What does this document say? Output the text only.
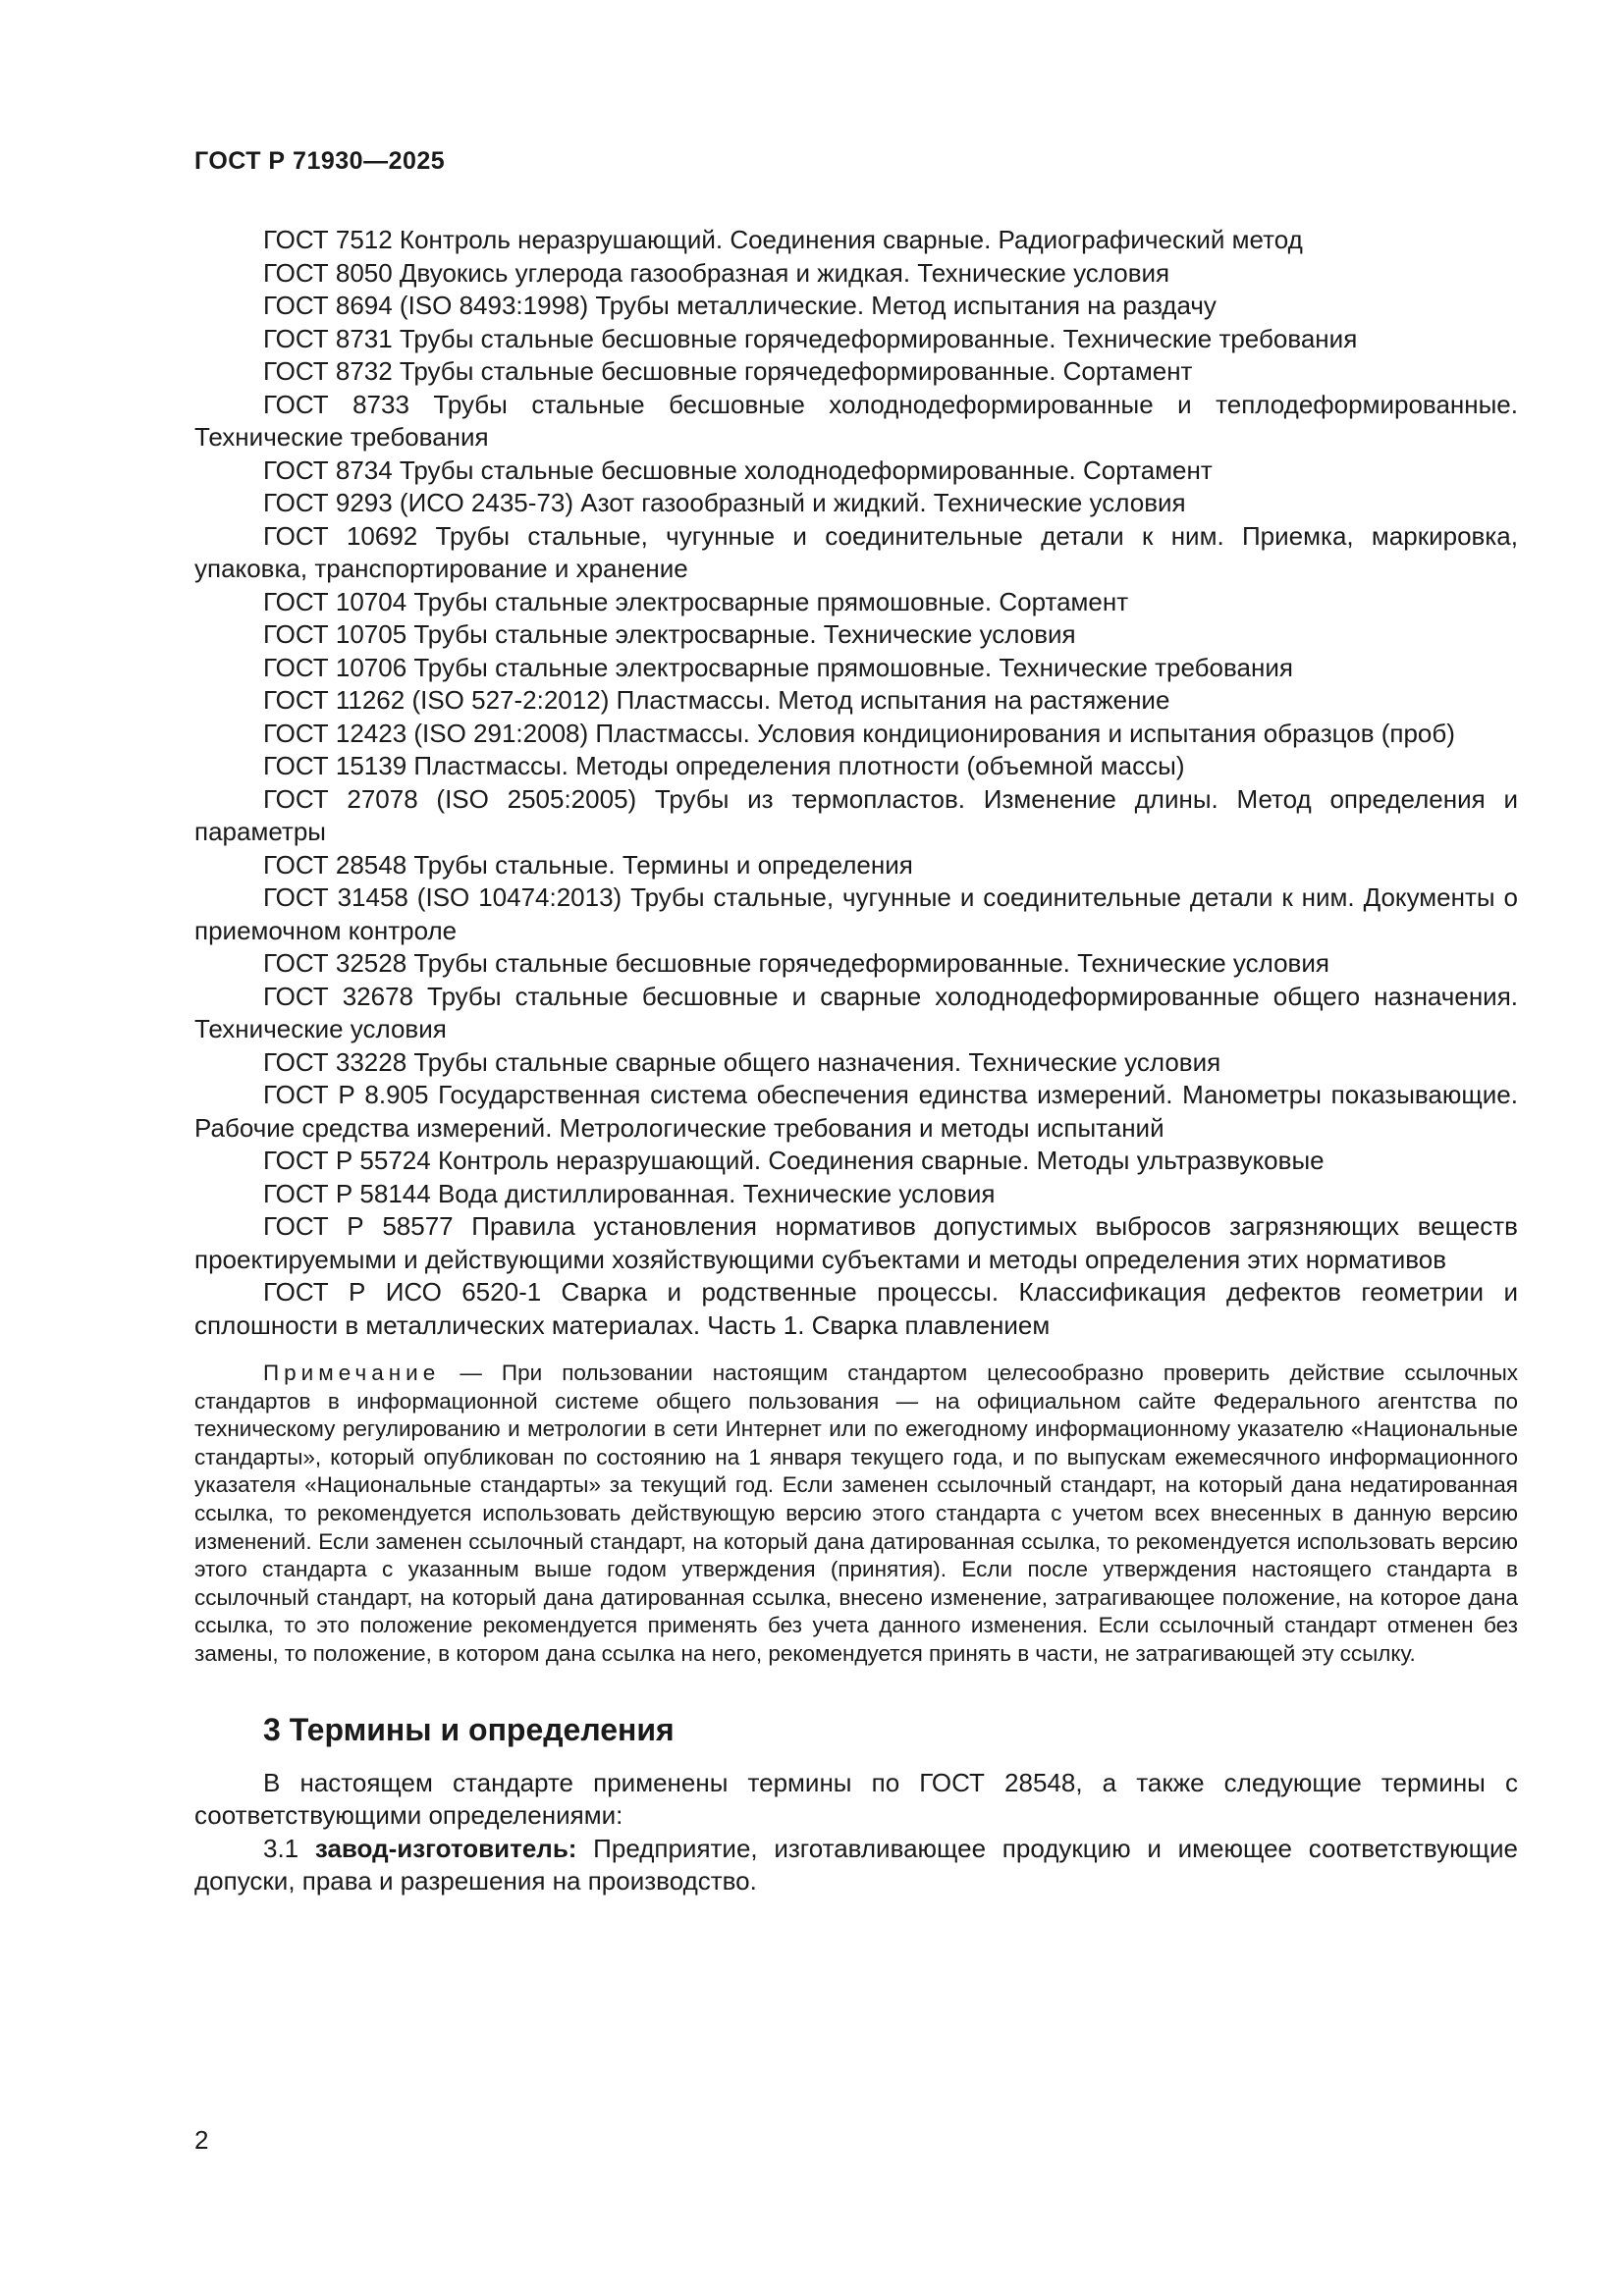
ГОСТ Р 71930—2025

ГОСТ 7512 Контроль неразрушающий. Соединения сварные. Радиографический метод

ГОСТ 8050 Двуокись углерода газообразная и жидкая. Технические условия

ГОСТ 8694 (ISO 8493:1998) Трубы металлические. Метод испытания на раздачу

ГОСТ 8731 Трубы стальные бесшовные горячедеформированные. Технические требования

ГОСТ 8732 Трубы стальные бесшовные горячедеформированные. Сортамент

ГОСТ 8733 Трубы стальные бесшовные холоднодеформированные и теплодеформированные. Технические требования

ГОСТ 8734 Трубы стальные бесшовные холоднодеформированные. Сортамент

ГОСТ 9293 (ИСО 2435-73) Азот газообразный и жидкий. Технические условия

ГОСТ 10692 Трубы стальные, чугунные и соединительные детали к ним. Приемка, маркировка, упаковка, транспортирование и хранение

ГОСТ 10704 Трубы стальные электросварные прямошовные. Сортамент

ГОСТ 10705 Трубы стальные электросварные. Технические условия

ГОСТ 10706 Трубы стальные электросварные прямошовные. Технические требования

ГОСТ 11262 (ISO 527-2:2012) Пластмассы. Метод испытания на растяжение

ГОСТ 12423 (ISO 291:2008) Пластмассы. Условия кондиционирования и испытания образцов (проб)

ГОСТ 15139 Пластмассы. Методы определения плотности (объемной массы)

ГОСТ 27078 (ISO 2505:2005) Трубы из термопластов. Изменение длины. Метод определения и параметры

ГОСТ 28548 Трубы стальные. Термины и определения

ГОСТ 31458 (ISO 10474:2013) Трубы стальные, чугунные и соединительные детали к ним. Документы о приемочном контроле

ГОСТ 32528 Трубы стальные бесшовные горячедеформированные. Технические условия

ГОСТ 32678 Трубы стальные бесшовные и сварные холоднодеформированные общего назначения. Технические условия

ГОСТ 33228 Трубы стальные сварные общего назначения. Технические условия

ГОСТ Р 8.905 Государственная система обеспечения единства измерений. Манометры показывающие. Рабочие средства измерений. Метрологические требования и методы испытаний

ГОСТ Р 55724 Контроль неразрушающий. Соединения сварные. Методы ультразвуковые

ГОСТ Р 58144 Вода дистиллированная. Технические условия

ГОСТ Р 58577 Правила установления нормативов допустимых выбросов загрязняющих веществ проектируемыми и действующими хозяйствующими субъектами и методы определения этих нормативов

ГОСТ Р ИСО 6520-1 Сварка и родственные процессы. Классификация дефектов геометрии и сплошности в металлических материалах. Часть 1. Сварка плавлением

Примечание — При пользовании настоящим стандартом целесообразно проверить действие ссылочных стандартов в информационной системе общего пользования — на официальном сайте Федерального агентства по техническому регулированию и метрологии в сети Интернет или по ежегодному информационному указателю «Национальные стандарты», который опубликован по состоянию на 1 января текущего года, и по выпускам ежемесячного информационного указателя «Национальные стандарты» за текущий год. Если заменен ссылочный стандарт, на который дана недатированная ссылка, то рекомендуется использовать действующую версию этого стандарта с учетом всех внесенных в данную версию изменений. Если заменен ссылочный стандарт, на который дана датированная ссылка, то рекомендуется использовать версию этого стандарта с указанным выше годом утверждения (принятия). Если после утверждения настоящего стандарта в ссылочный стандарт, на который дана датированная ссылка, внесено изменение, затрагивающее положение, на которое дана ссылка, то это положение рекомендуется применять без учета данного изменения. Если ссылочный стандарт отменен без замены, то положение, в котором дана ссылка на него, рекомендуется принять в части, не затрагивающей эту ссылку.

3 Термины и определения

В настоящем стандарте применены термины по ГОСТ 28548, а также следующие термины с соответствующими определениями:

3.1 завод-изготовитель: Предприятие, изготавливающее продукцию и имеющее соответствующие допуски, права и разрешения на производство.

2
